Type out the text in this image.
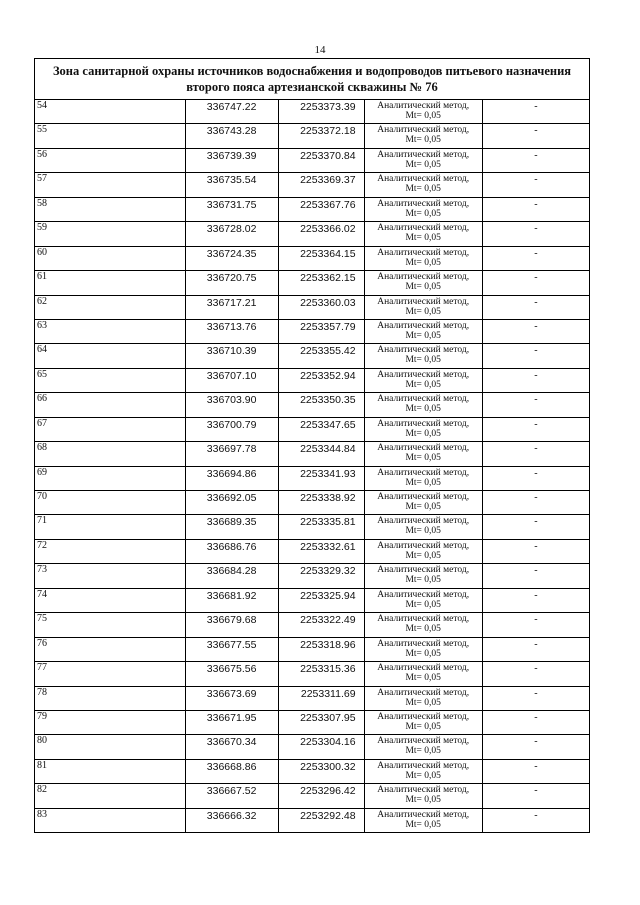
14
Зона санитарной охраны источников водоснабжения и водопроводов питьевого назначения второго пояса артезианской скважины № 76				
54	336747.22	2253373.39	Аналитический метод,
Mt= 0,05	-

55	336743.28	2253372.18	Аналитический метод,
Mt= 0,05	-

56	336739.39	2253370.84	Аналитический метод,
Mt= 0,05	-

57	336735.54	2253369.37	Аналитический метод,
Mt= 0,05	-

58	336731.75	2253367.76	Аналитический метод,
Mt= 0,05	-

59	336728.02	2253366.02	Аналитический метод,
Mt= 0,05	-

60	336724.35	2253364.15	Аналитический метод,
Mt= 0,05	-

61	336720.75	2253362.15	Аналитический метод,
Mt= 0,05	-

62	336717.21	2253360.03	Аналитический метод,
Mt= 0,05	-

63	336713.76	2253357.79	Аналитический метод,
Mt= 0,05	-

64	336710.39	2253355.42	Аналитический метод,
Mt= 0,05	-

65	336707.10	2253352.94	Аналитический метод,
Mt= 0,05	-

66	336703.90	2253350.35	Аналитический метод,
Mt= 0,05	-

67	336700.79	2253347.65	Аналитический метод,
Mt= 0,05	-

68	336697.78	2253344.84	Аналитический метод,
Mt= 0,05	-

69	336694.86	2253341.93	Аналитический метод,
Mt= 0,05	-

70	336692.05	2253338.92	Аналитический метод,
Mt= 0,05	-

71	336689.35	2253335.81	Аналитический метод,
Mt= 0,05	-

72	336686.76	2253332.61	Аналитический метод,
Mt= 0,05	-

73	336684.28	2253329.32	Аналитический метод,
Mt= 0,05	-

74	336681.92	2253325.94	Аналитический метод,
Mt= 0,05	-

75	336679.68	2253322.49	Аналитический метод,
Mt= 0,05	-

76	336677.55	2253318.96	Аналитический метод,
Mt= 0,05	-

77	336675.56	2253315.36	Аналитический метод,
Mt= 0,05	-

78	336673.69	2253311.69	Аналитический метод,
Mt= 0,05	-

79	336671.95	2253307.95	Аналитический метод,
Mt= 0,05	-

80	336670.34	2253304.16	Аналитический метод,
Mt= 0,05	-

81	336668.86	2253300.32	Аналитический метод,
Mt= 0,05	-

82	336667.52	2253296.42	Аналитический метод,
Mt= 0,05	-

83	336666.32	2253292.48	Аналитический метод,
Mt= 0,05	-
